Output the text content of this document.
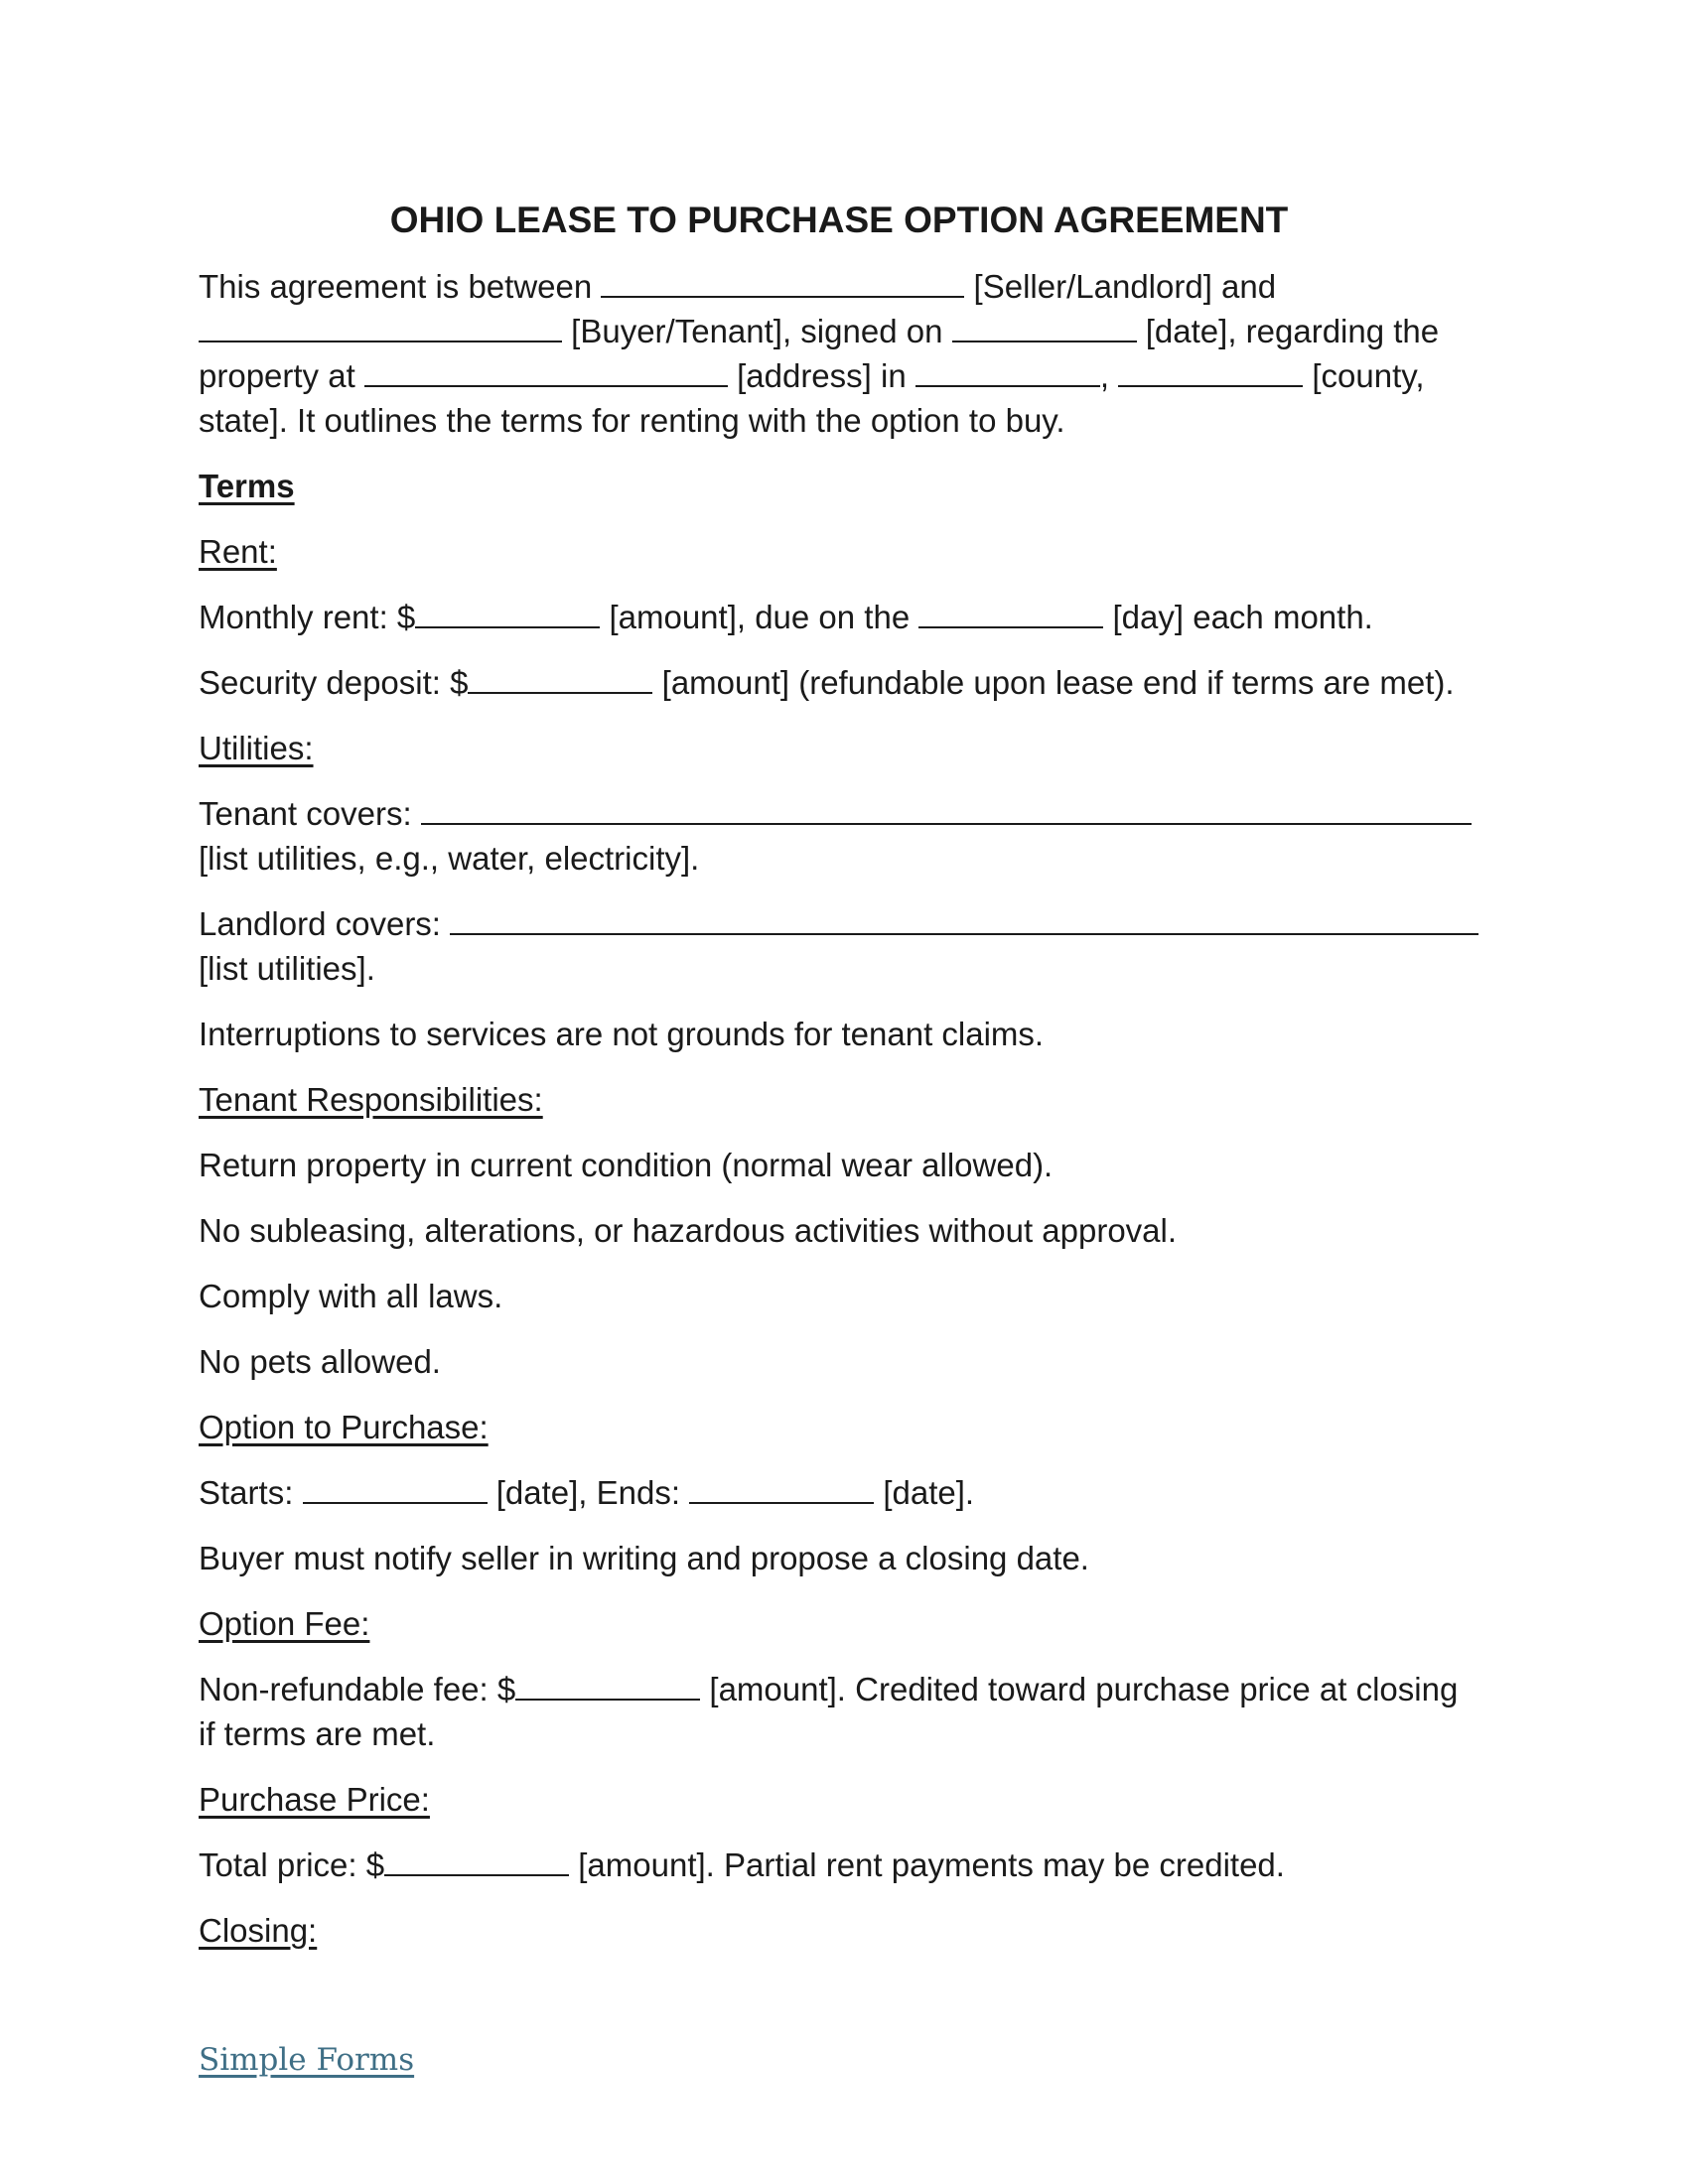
OHIO LEASE TO PURCHASE OPTION AGREEMENT

This agreement is between	[Seller/Landlord] and
[Buyer/Tenant], signed on	[date], regarding the
property at	[address] in	,	[county,
state]. It outlines the terms for renting with the option to buy.

Terms

Rent:

Monthly rent: $	[amount], due on the	[day] each month.

Security deposit: $	[amount] (refundable upon lease end if terms are met).

Utilities:

Tenant covers:
[list utilities, e.g., water, electricity].

Landlord covers:
[list utilities].

Interruptions to services are not grounds for tenant claims.

Tenant Responsibilities:

Return property in current condition (normal wear allowed).

No subleasing, alterations, or hazardous activities without approval.

Comply with all laws.

No pets allowed.

Option to Purchase:

Starts:	[date], Ends:	[date].

Buyer must notify seller in writing and propose a closing date.

Option Fee:

Non-refundable fee: $	[amount]. Credited toward purchase price at closing
if terms are met.

Purchase Price:

Total price: $	[amount]. Partial rent payments may be credited.

Closing:

Simple Forms
